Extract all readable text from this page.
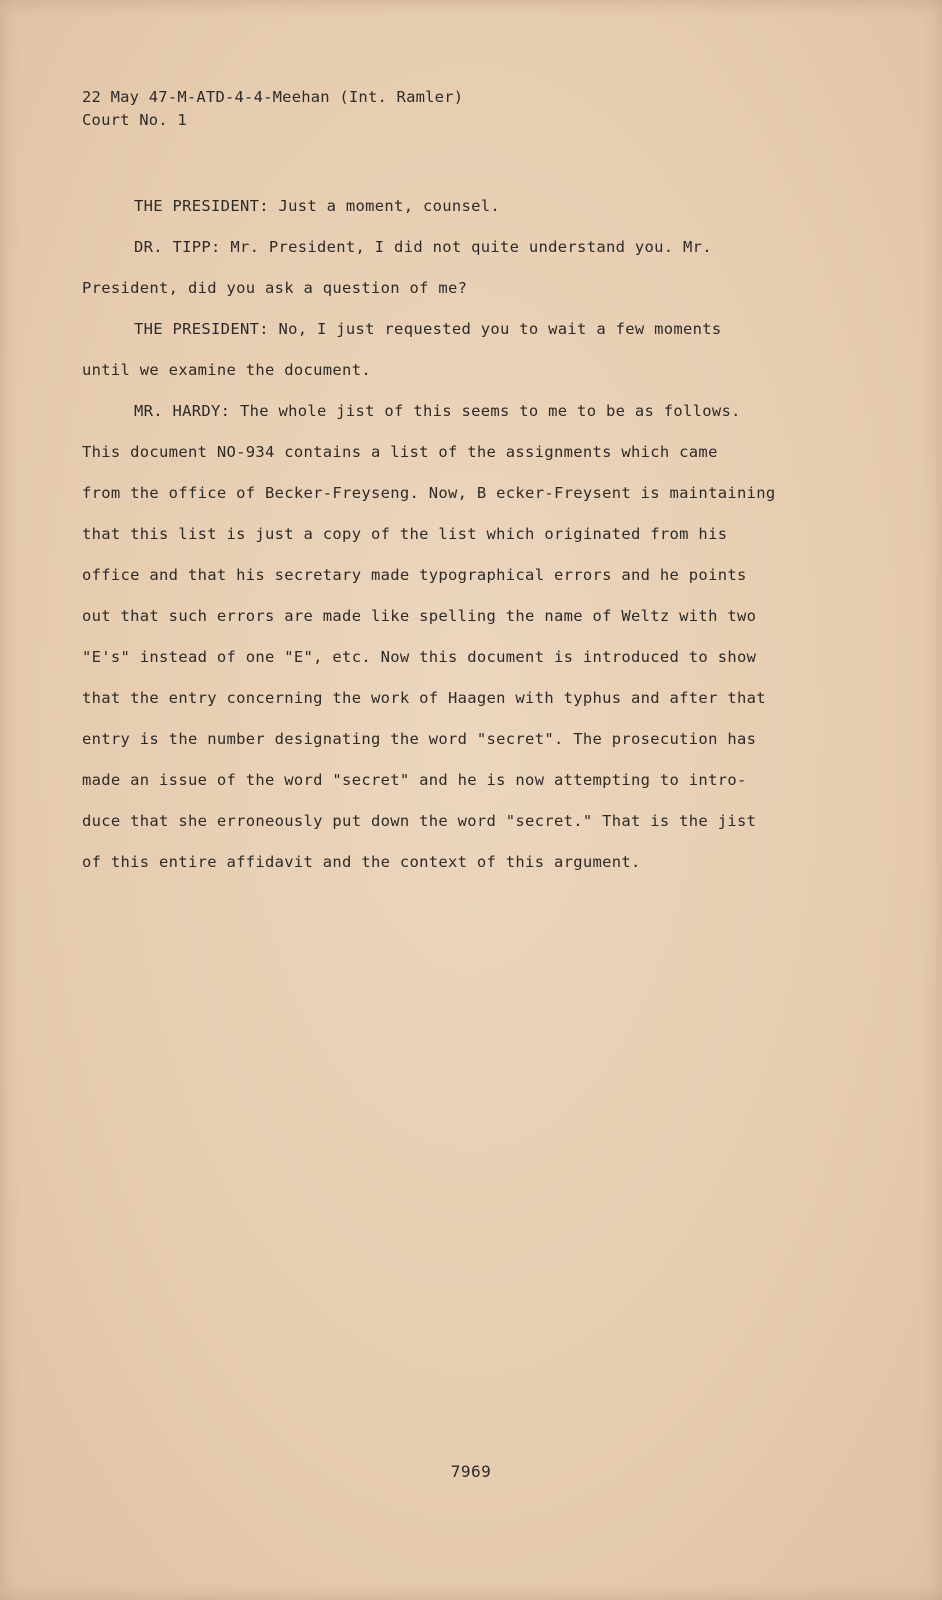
22 May 47-M-ATD-4-4-Meehan (Int. Ramler)
Court No. 1
THE PRESIDENT: Just a moment, counsel.
DR. TIPP: Mr. President, I did not quite understand you. Mr.
President, did you ask a question of me?
THE PRESIDENT: No, I just requested you to wait a few moments
until we examine the document.
MR. HARDY: The whole jist of this seems to me to be as follows.
This document NO-934 contains a list of the assignments which came
from the office of Becker-Freyseng. Now, B ecker-Freysent is maintaining
that this list is just a copy of the list which originated from his
office and that his secretary made typographical errors and he points
out that such errors are made like spelling the name of Weltz with two
"E's" instead of one "E", etc. Now this document is introduced to show
that the entry concerning the work of Haagen with typhus and after that
entry is the number designating the word "secret". The prosecution has
made an issue of the word "secret" and he is now attempting to intro-
duce that she erroneously put down the word "secret." That is the jist
of this entire affidavit and the context of this argument.
7969
